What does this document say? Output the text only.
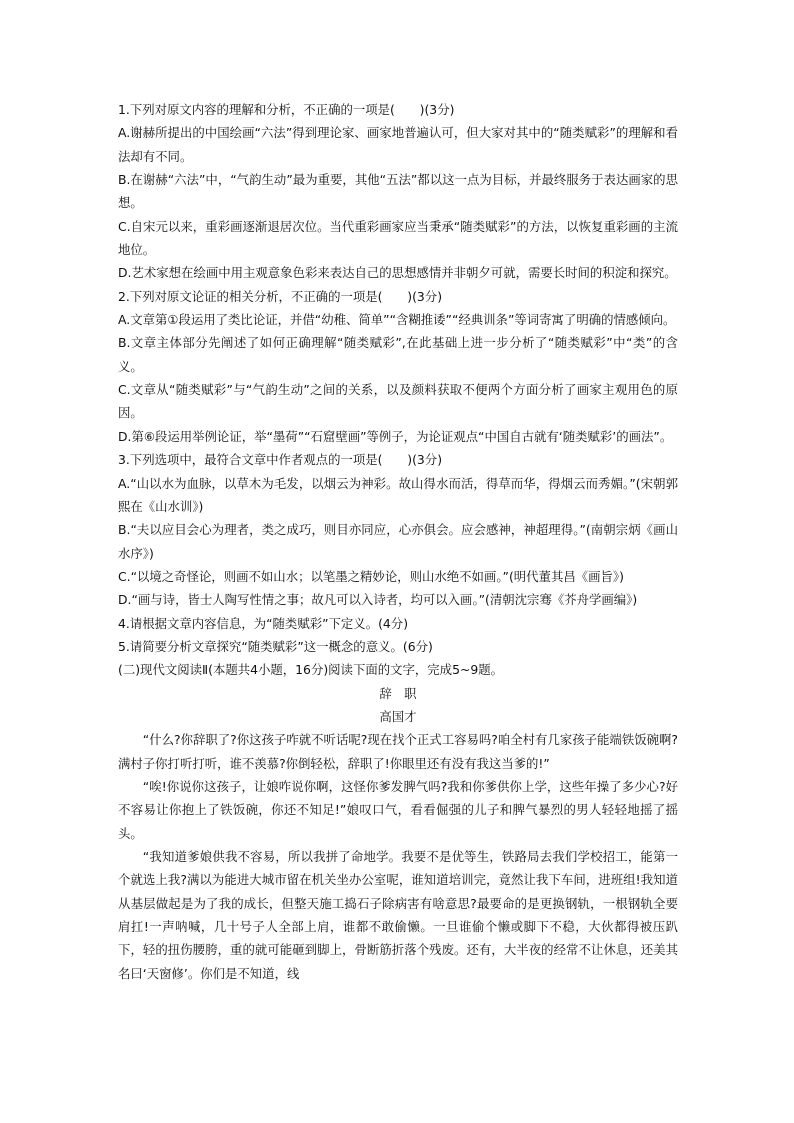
1.下列对原文内容的理解和分析，不正确的一项是(　　)(3分)
A.谢赫所提出的中国绘画“六法”得到理论家、画家地普遍认可，但大家对其中的“随类赋彩”的理解和看法却有不同。
B.在谢赫“六法”中，“气韵生动”最为重要，其他“五法”都以这一点为目标，并最终服务于表达画家的思想。
C.自宋元以来，重彩画逐渐退居次位。当代重彩画家应当秉承“随类赋彩”的方法，以恢复重彩画的主流地位。
D.艺术家想在绘画中用主观意象色彩来表达自己的思想感情并非朝夕可就，需要长时间的积淀和探究。
2.下列对原文论证的相关分析，不正确的一项是(　　)(3分)
A.文章第①段运用了类比论证，并借“幼稚、简单”“含糊推诿”“经典训条”等词寄寓了明确的情感倾向。
B.文章主体部分先阐述了如何正确理解“随类赋彩”,在此基础上进一步分析了“随类赋彩”中“类”的含义。
C.文章从“随类赋彩”与“气韵生动”之间的关系，以及颜料获取不便两个方面分析了画家主观用色的原因。
D.第⑥段运用举例论证，举“墨荷”“石窟壁画”等例子，为论证观点“中国自古就有‘随类赋彩’的画法”。
3.下列选项中，最符合文章中作者观点的一项是(　　)(3分)
A.“山以水为血脉，以草木为毛发，以烟云为神彩。故山得水而活，得草而华，得烟云而秀媚。”(宋朝郭熙在《山水训》)
B.“夫以应目会心为理者，类之成巧，则目亦同应，心亦俱会。应会感神，神超理得。”(南朝宗炳《画山水序》)
C.“以境之奇怪论，则画不如山水；以笔墨之精妙论，则山水绝不如画。”(明代董其昌《画旨》)
D.“画与诗，皆士人陶写性情之事；故凡可以入诗者，均可以入画。”(清朝沈宗骞《芥舟学画编》)
4.请根据文章内容信息，为“随类赋彩”下定义。(4分)
5.请简要分析文章探究“随类赋彩”这一概念的意义。(6分)
(二)现代文阅读Ⅱ(本题共4小题，16分)阅读下面的文字，完成5~9题。
辞　职
高国才
“什么?你辞职了?你这孩子咋就不听话呢?现在找个正式工容易吗?咱全村有几家孩子能端铁饭碗啊?满村子你打听打听，谁不羡慕?你倒轻松，辞职了!你眼里还有没有我这当爹的!”
“唉!你说你这孩子，让娘咋说你啊，这怪你爹发脾气吗?我和你爹供你上学，这些年操了多少心?好不容易让你抱上了铁饭碗，你还不知足!”娘叹口气，看看倔强的儿子和脾气暴烈的男人轻轻地摇了摇头。
“我知道爹娘供我不容易，所以我拼了命地学。我要不是优等生，铁路局去我们学校招工，能第一个就选上我?满以为能进大城市留在机关坐办公室呢，谁知道培训完，竟然让我下车间，进班组!我知道从基层做起是为了我的成长，但整天施工捣石子除病害有啥意思?最要命的是更换钢轨，一根钢轨全要肩扛!一声呐喊，几十号子人全部上肩，谁都不敢偷懒。一旦谁偷个懒或脚下不稳，大伙都得被压趴下，轻的扭伤腰胯，重的就可能砸到脚上，骨断筋折落个残废。还有，大半夜的经常不让休息，还美其名曰‘天窗修’。你们是不知道，线
